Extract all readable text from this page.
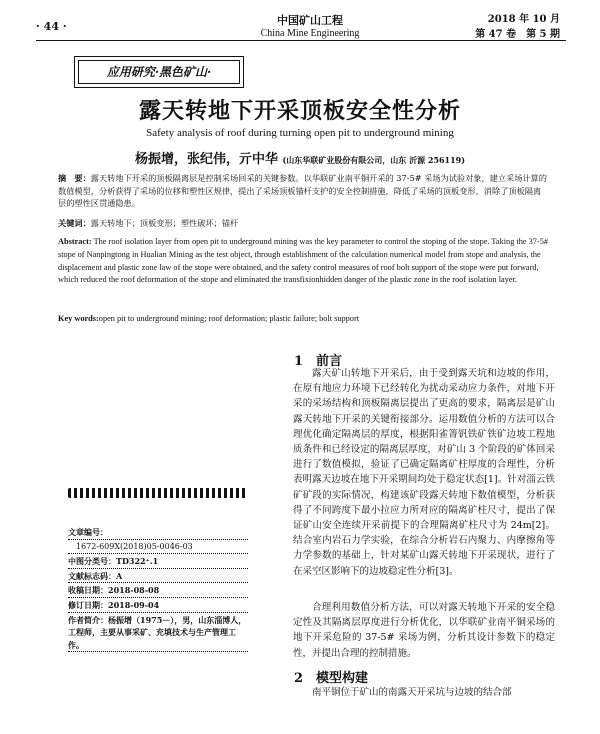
· 44 ·	中国矿山工程
China Mine Engineering
2018 年 10 月
第 47 卷　第 5 期
应用研究·黑色矿山·
露天转地下开采顶板安全性分析
Safety analysis of roof during turning open pit to underground mining
杨振增，张纪伟，亓中华 (山东华联矿业股份有限公司，山东 沂源 256119)
摘　要：露天转地下开采的顶板隔离层是控制采场回采的关键参数。以华联矿业南平铜开采的 37-5# 采场为试验对象，建立采场计算的数值模型，分析获得了采场的位移和塑性区规律，提出了采场顶板锚杆支护的安全控制措施，降低了采场的顶板变形，消除了顶板隔离层的塑性区贯通隐患。
关键词：露天转地下；顶板变形；塑性破坏；锚杆
Abstract: The roof isolation layer from open pit to underground mining was the key parameter to control the stoping of the stope. Taking the 37-5# stope of Nanpingtong in Hualian Mining as the test object, through establishment of the calculation numerical model from stope and analysis, the displacement and plastic zone law of the stope were obtained, and the safety control measures of roof bolt support of the stope were put forward, which reduced the roof deformation of the stope and eliminated the transfixionhidden danger of the plastic zone in the roof isolation layer.
Key words:open pit to underground mining; roof deformation; plastic failure; bolt support
文章编号：
1672-609X(2018)05-0046-03
中图分类号：TD322⁺.1
文献标志码：A
收稿日期：2018-08-08
修订日期：2018-09-04
作者简介：杨振增（1975－），男，山东淄博人，工程师，主要从事采矿、充填技术与生产管理工作。
1　前言
露天矿山转地下开采后，由于受到露天坑和边坡的作用，在原有地应力环境下已经转化为扰动采动应力条件，对地下开采的采场结构和顶板隔离层提出了更高的要求，隔离层是矿山露天转地下开采的关键衔接部分。运用数值分析的方法可以合理优化确定隔离层的厚度，根据阳雀箐钒铁矿铁矿边坡工程地质条件和已经设定的隔离层厚度，对矿山 3 个阶段的矿体回采进行了数值模拟，验证了已确定隔离矿柱厚度的合理性，分析表明露天边坡在地下开采期间均处于稳定状态[1]。针对淄云铁矿矿段的实际情况，构建该矿段露天转地下数值模型，分析获得了不同跨度下最小拉应力所对应的隔离矿柱尺寸，提出了保证矿山安全连续开采前提下的合理隔离矿柱尺寸为 24m[2]。结合室内岩石力学实验，在综合分析岩石内聚力、内摩擦角等力学参数的基础上，针对某矿山露天转地下开采现状，进行了在采空区影响下的边坡稳定性分析[3]。
合理利用数值分析方法，可以对露天转地下开采的安全稳定性及其隔离层厚度进行分析优化，以华联矿业南平铜采场的地下开采危险的 37-5# 采场为例，分析其设计参数下的稳定性，并提出合理的控制措施。
2　模型构建
南平铜位于矿山的南露天开采坑与边坡的结合部
